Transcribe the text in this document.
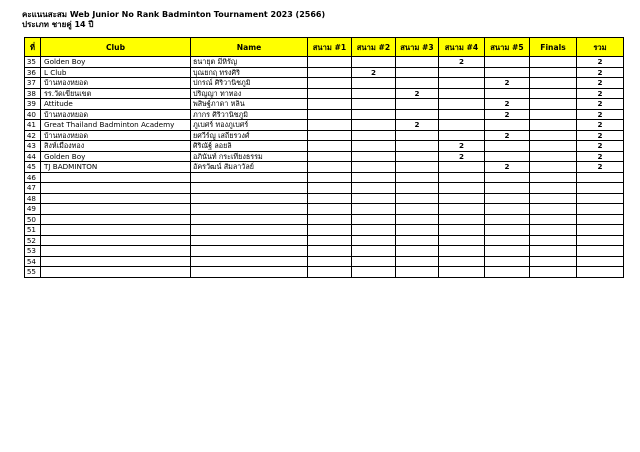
คะแนนสะสม Web Junior No Rank Badminton Tournament 2023 (2566)
ประเภท ชายคู่ 14 ปี
ที่	Club	Name	สนาม #1	สนาม #2	สนาม #3	สนาม #4	สนาม #5	Finals	รวม
35	Golden Boy	ธนายุต มีหิรัญ				2			2
36	L Club	บุณยกฤ ทรงศิริ		2					2
37	บ้านทองหยอด	ปกรณ์ ศิริวานิชภูมิ					2		2
38	รร.วัดเขียนเขต	ปริญญา ทาทอง			2				2
39	Attitude	พสิษฐ์ภาดา หลิน					2		2
40	บ้านทองหยอด	ภากร ศิริวานิชภูมิ					2		2
41	Great Thailand Badminton Academy	ภูเบศร์ ทองภูเบศร์			2				2
42	บ้านทองหยอด	ยศวีร์ญู เสถียรวงศ์					2		2
43	สิงห์เมืองทอง	ศิริณัฐ์ ลอยลิ				2			2
44	Golden Boy	อภินันท์ กระเทียงธรรม				2			2
45	TJ BADMINTON	อัครวัฒน์ สัมลาวัลย์					2		2
46									
47									
48									
49									
50									
51									
52									
53									
54									
55									
